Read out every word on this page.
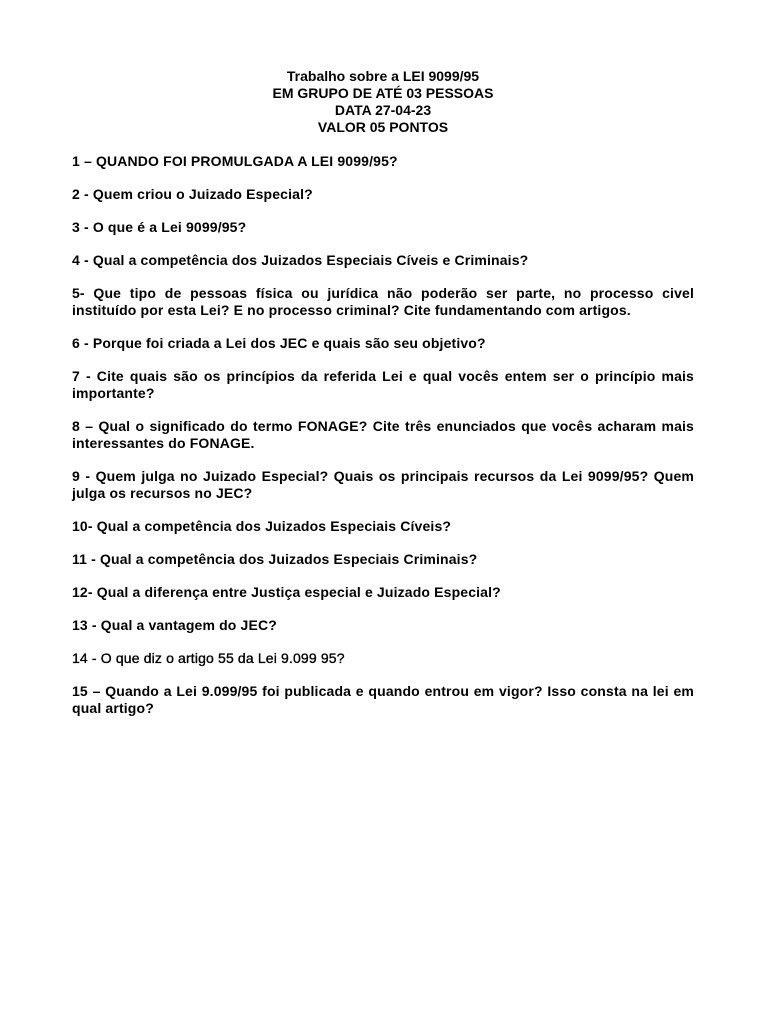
Trabalho sobre a LEI 9099/95
EM GRUPO DE ATÉ 03 PESSOAS
DATA 27-04-23
VALOR 05 PONTOS

1 – QUANDO FOI PROMULGADA A LEI 9099/95?

2 - Quem criou o Juizado Especial?

3 - O que é a Lei 9099/95?

4 - Qual a competência dos Juizados Especiais Cíveis e Criminais?

5- Que tipo de pessoas física ou jurídica não poderão ser parte, no processo civel instituído por esta Lei? E no processo criminal? Cite fundamentando com artigos.

6 - Porque foi criada a Lei dos JEC e quais são seu objetivo?

7 - Cite quais são os princípios da referida Lei e qual vocês entem ser o princípio mais importante?

8 – Qual o significado do termo FONAGE? Cite três enunciados que vocês acharam mais interessantes do FONAGE.

9 - Quem julga no Juizado Especial? Quais os principais recursos da Lei 9099/95? Quem julga os recursos no JEC?

10- Qual a competência dos Juizados Especiais Cíveis?

11 - Qual a competência dos Juizados Especiais Criminais?

12- Qual a diferença entre Justiça especial e Juizado Especial?

13 - Qual a vantagem do JEC?

14 - O que diz o artigo 55 da Lei 9.099 95?

15 – Quando a Lei 9.099/95 foi publicada e quando entrou em vigor? Isso consta na lei em qual artigo?
